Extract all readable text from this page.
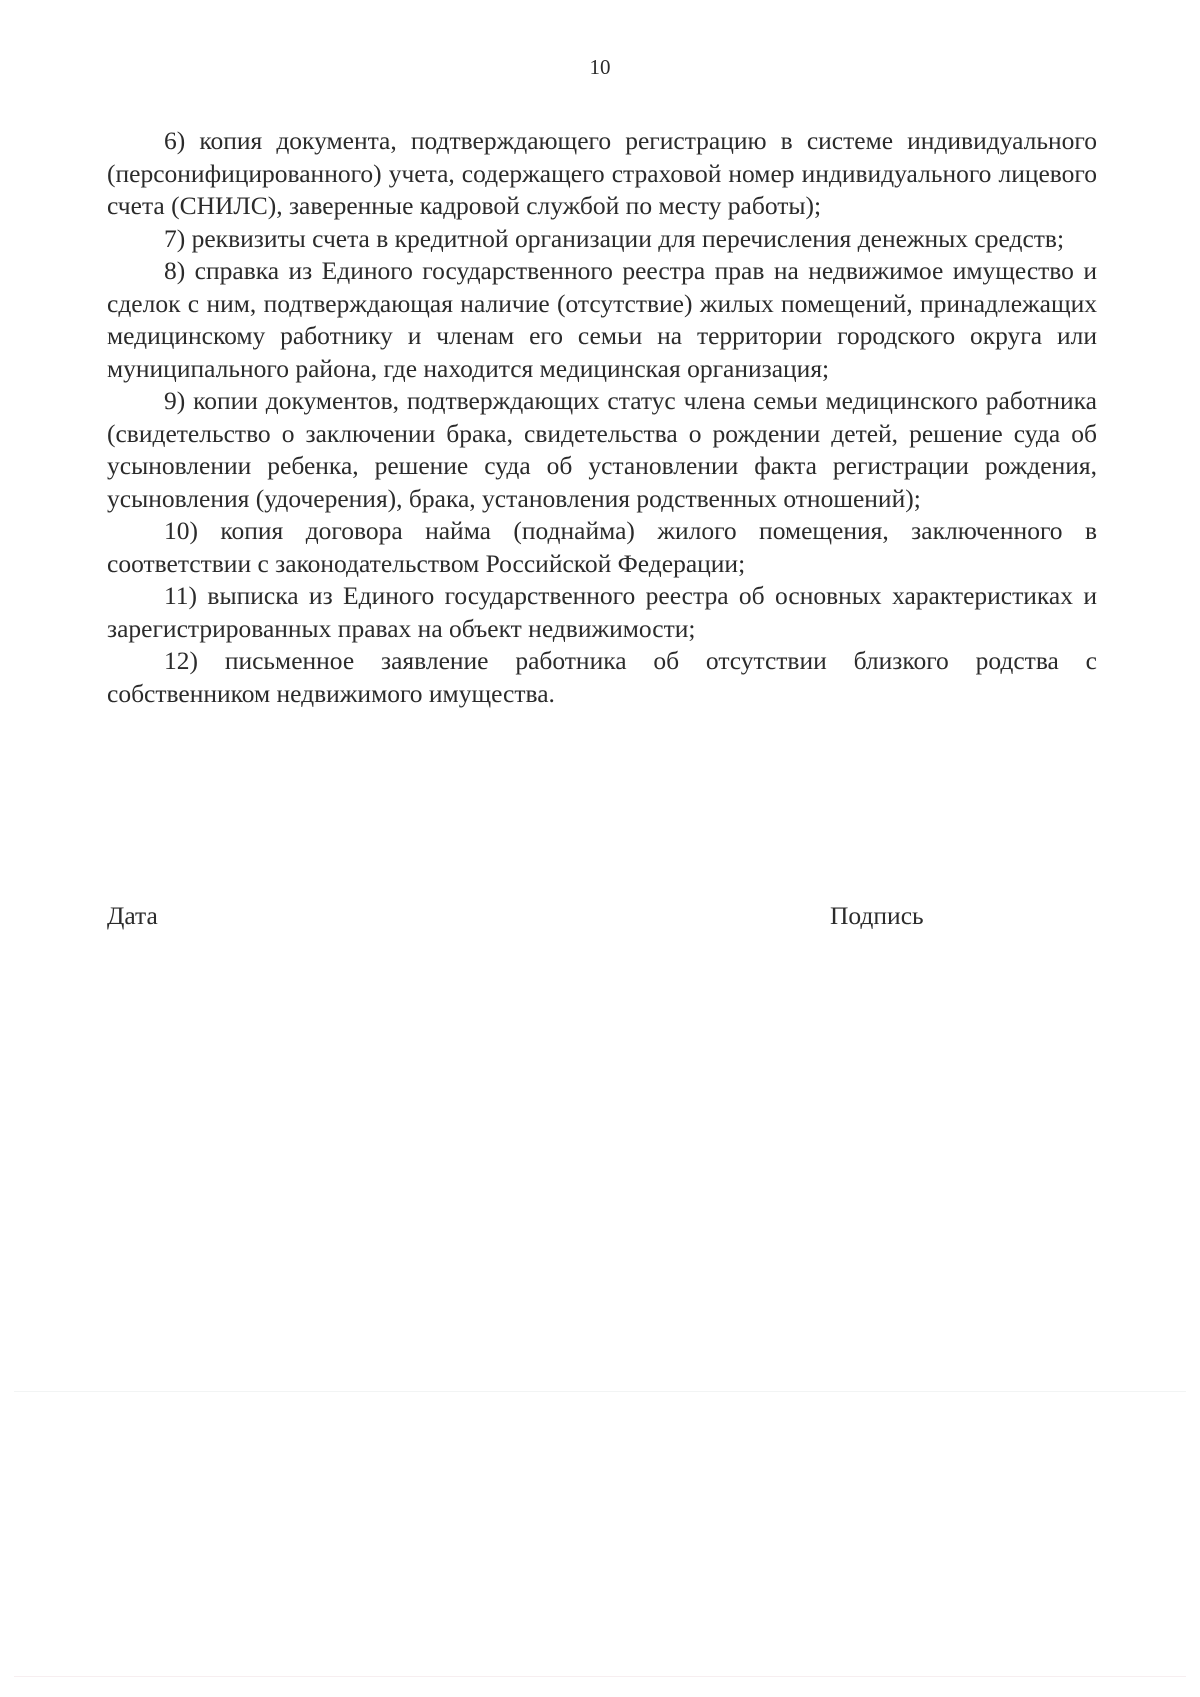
10

6) копия документа, подтверждающего регистрацию в системе индивидуального (персонифицированного) учета, содержащего страховой номер индивидуального лицевого счета (СНИЛС), заверенные кадровой службой по месту работы);

7) реквизиты счета в кредитной организации для перечисления денежных средств;

8) справка из Единого государственного реестра прав на недвижимое имущество и сделок с ним, подтверждающая наличие (отсутствие) жилых помещений, принадлежащих медицинскому работнику и членам его семьи на территории городского округа или муниципального района, где находится медицинская организация;

9) копии документов, подтверждающих статус члена семьи медицинского работника (свидетельство о заключении брака, свидетельства о рождении детей, решение суда об усыновлении ребенка, решение суда об установлении факта регистрации рождения, усыновления (удочерения), брака, установления родственных отношений);

10) копия договора найма (поднайма) жилого помещения, заключенного в соответствии с законодательством Российской Федерации;

11) выписка из Единого государственного реестра об основных характеристиках и зарегистрированных правах на объект недвижимости;

12) письменное заявление работника об отсутствии близкого родства с собственником недвижимого имущества.

Дата	Подпись
